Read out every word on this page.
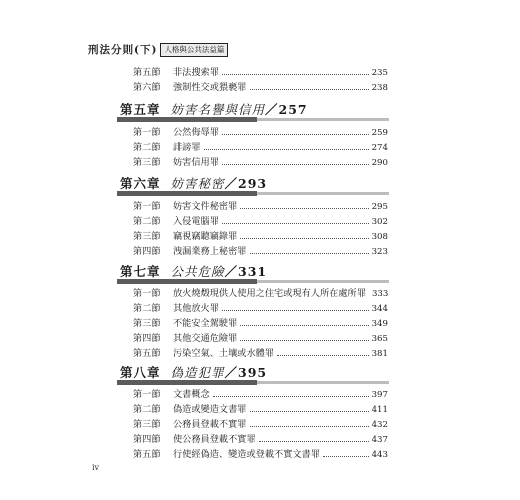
刑法分則(下) 人格與公共法益篇
第五節	非法搜索罪	235
第六節	強制性交或猥褻罪	238
第五章 妨害名譽與信用／257
第一節	公然侮辱罪	259
第二節	誹謗罪	274
第三節	妨害信用罪	290
第六章 妨害秘密／293
第一節	妨害文件秘密罪	295
第二節	入侵電腦罪	302
第三節	竊視竊聽竊錄罪	308
第四節	洩漏業務上秘密罪	323
第七章 公共危險／331
第一節	放火燒燬現供人使用之住宅或現有人所在處所罪 333
第二節	其他放火罪	344
第三節	不能安全駕駛罪	349
第四節	其他交通危險罪	365
第五節	污染空氣、土壤或水體罪	381
第八章 偽造犯罪／395
第一節	文書概念	397
第二節	偽造或變造文書罪	411
第三節	公務員登載不實罪	432
第四節	使公務員登載不實罪	437
第五節	行使經偽造、變造或登載不實文書罪	443
iv
